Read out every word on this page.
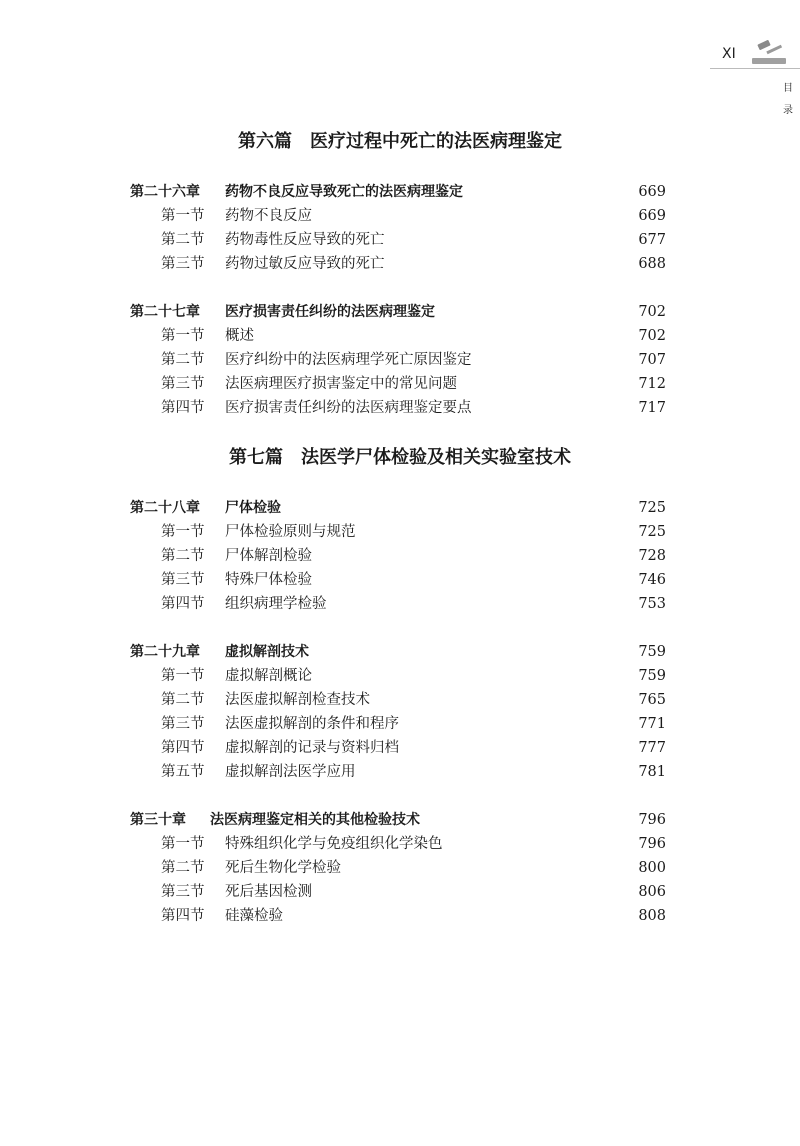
XI
目
录
第六篇　医疗过程中死亡的法医病理鉴定
第二十六章 药物不良反应导致死亡的法医病理鉴定	669
第一节 药物不良反应	669
第二节 药物毒性反应导致的死亡	677
第三节 药物过敏反应导致的死亡	688
第二十七章 医疗损害责任纠纷的法医病理鉴定	702
第一节 概述	702
第二节 医疗纠纷中的法医病理学死亡原因鉴定	707
第三节 法医病理医疗损害鉴定中的常见问题	712
第四节 医疗损害责任纠纷的法医病理鉴定要点	717
第七篇　法医学尸体检验及相关实验室技术
第二十八章 尸体检验	725
第一节 尸体检验原则与规范	725
第二节 尸体解剖检验	728
第三节 特殊尸体检验	746
第四节 组织病理学检验	753
第二十九章 虚拟解剖技术	759
第一节 虚拟解剖概论	759
第二节 法医虚拟解剖检查技术	765
第三节 法医虚拟解剖的条件和程序	771
第四节 虚拟解剖的记录与资料归档	777
第五节 虚拟解剖法医学应用	781
第三十章 法医病理鉴定相关的其他检验技术	796
第一节 特殊组织化学与免疫组织化学染色	796
第二节 死后生物化学检验	800
第三节 死后基因检测	806
第四节 硅藻检验	808
